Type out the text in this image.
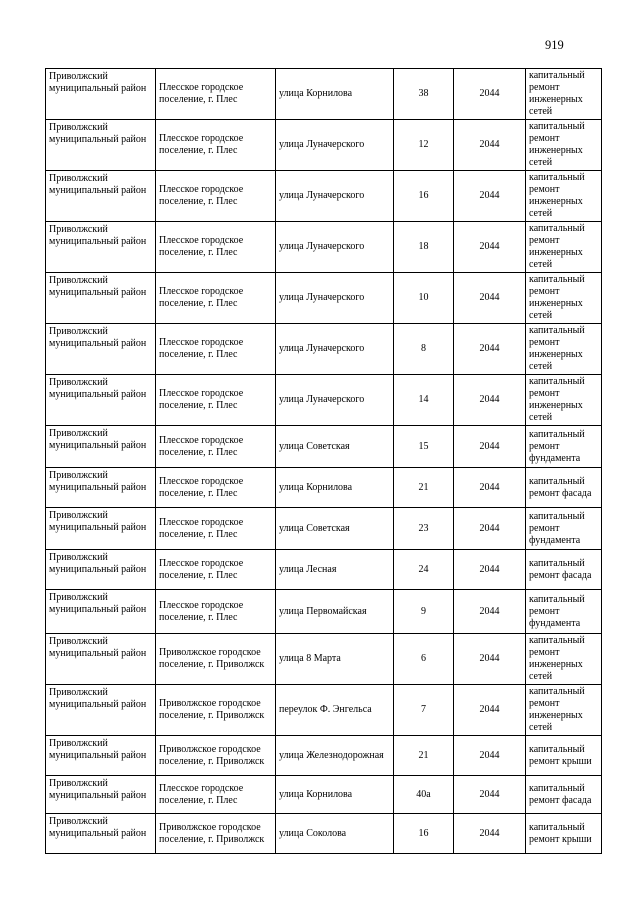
919
Приволжский муниципальный район	Плесское городское поселение, г. Плес	улица Корнилова	38	2044	капитальный ремонт инженерных сетей
Приволжский муниципальный район	Плесское городское поселение, г. Плес	улица Луначерского	12	2044	капитальный ремонт инженерных сетей
Приволжский муниципальный район	Плесское городское поселение, г. Плес	улица Луначерского	16	2044	капитальный ремонт инженерных сетей
Приволжский муниципальный район	Плесское городское поселение, г. Плес	улица Луначерского	18	2044	капитальный ремонт инженерных сетей
Приволжский муниципальный район	Плесское городское поселение, г. Плес	улица Луначерского	10	2044	капитальный ремонт инженерных сетей
Приволжский муниципальный район	Плесское городское поселение, г. Плес	улица Луначерского	8	2044	капитальный ремонт инженерных сетей
Приволжский муниципальный район	Плесское городское поселение, г. Плес	улица Луначерского	14	2044	капитальный ремонт инженерных сетей
Приволжский муниципальный район	Плесское городское поселение, г. Плес	улица Советская	15	2044	капитальный ремонт фундамента
Приволжский муниципальный район	Плесское городское поселение, г. Плес	улица Корнилова	21	2044	капитальный ремонт фасада
Приволжский муниципальный район	Плесское городское поселение, г. Плес	улица Советская	23	2044	капитальный ремонт фундамента
Приволжский муниципальный район	Плесское городское поселение, г. Плес	улица Лесная	24	2044	капитальный ремонт фасада
Приволжский муниципальный район	Плесское городское поселение, г. Плес	улица Первомайская	9	2044	капитальный ремонт фундамента
Приволжский муниципальный район	Приволжское городское поселение, г. Приволжск	улица 8 Марта	6	2044	капитальный ремонт инженерных сетей
Приволжский муниципальный район	Приволжское городское поселение, г. Приволжск	переулок Ф. Энгельса	7	2044	капитальный ремонт инженерных сетей
Приволжский муниципальный район	Приволжское городское поселение, г. Приволжск	улица Железнодорожная	21	2044	капитальный ремонт крыши
Приволжский муниципальный район	Плесское городское поселение, г. Плес	улица Корнилова	40а	2044	капитальный ремонт фасада
Приволжский муниципальный район	Приволжское городское поселение, г. Приволжск	улица Соколова	16	2044	капитальный ремонт крыши
